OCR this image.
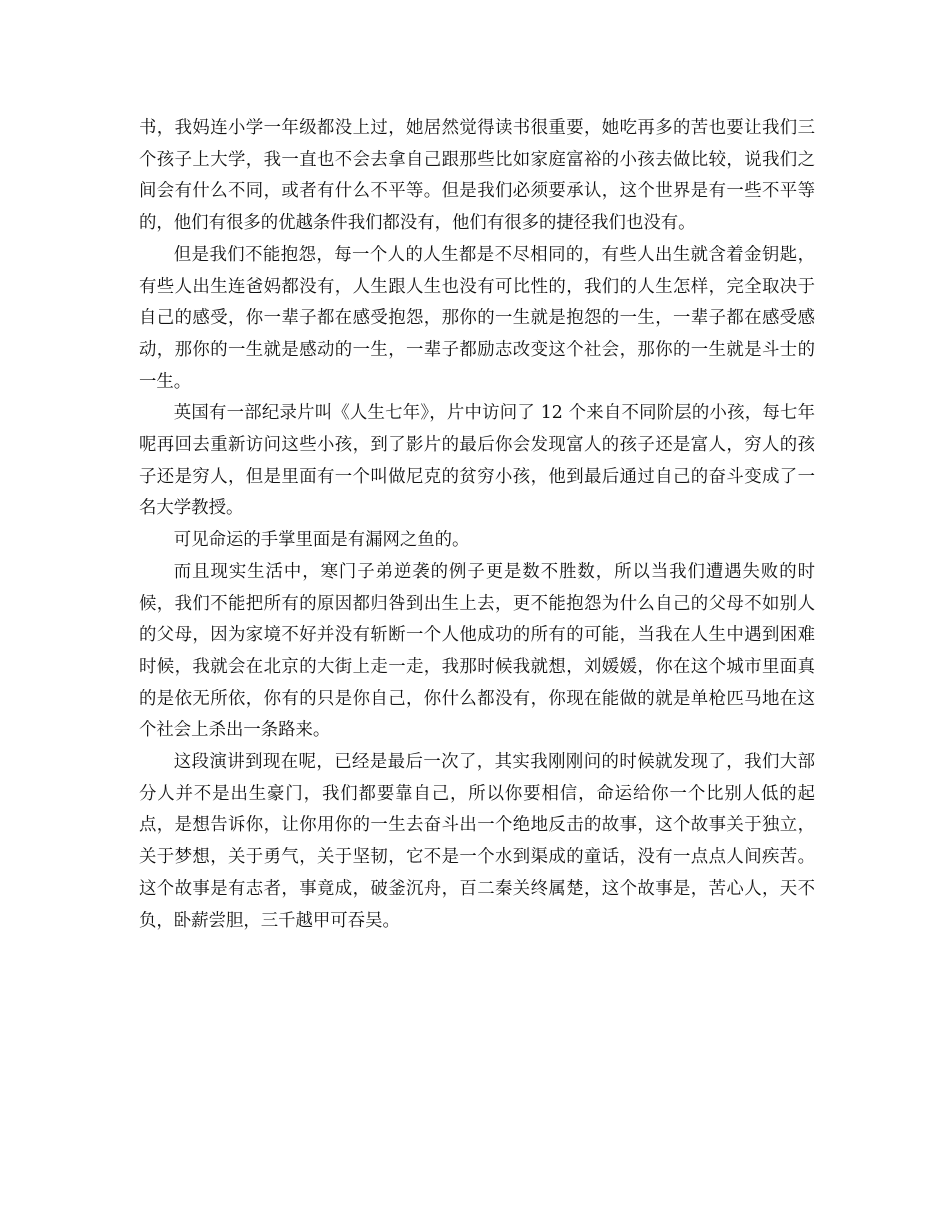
书，我妈连小学一年级都没上过，她居然觉得读书很重要，她吃再多的苦也要让我们三个孩子上大学，我一直也不会去拿自己跟那些比如家庭富裕的小孩去做比较，说我们之间会有什么不同，或者有什么不平等。但是我们必须要承认，这个世界是有一些不平等的，他们有很多的优越条件我们都没有，他们有很多的捷径我们也没有。

但是我们不能抱怨，每一个人的人生都是不尽相同的，有些人出生就含着金钥匙，有些人出生连爸妈都没有，人生跟人生也没有可比性的，我们的人生怎样，完全取决于自己的感受，你一辈子都在感受抱怨，那你的一生就是抱怨的一生，一辈子都在感受感动，那你的一生就是感动的一生，一辈子都励志改变这个社会，那你的一生就是斗士的一生。

英国有一部纪录片叫《人生七年》，片中访问了 12 个来自不同阶层的小孩，每七年呢再回去重新访问这些小孩，到了影片的最后你会发现富人的孩子还是富人，穷人的孩子还是穷人，但是里面有一个叫做尼克的贫穷小孩，他到最后通过自己的奋斗变成了一名大学教授。

可见命运的手掌里面是有漏网之鱼的。

而且现实生活中，寒门子弟逆袭的例子更是数不胜数，所以当我们遭遇失败的时候，我们不能把所有的原因都归咎到出生上去，更不能抱怨为什么自己的父母不如别人的父母，因为家境不好并没有斩断一个人他成功的所有的可能，当我在人生中遇到困难时候，我就会在北京的大街上走一走，我那时候我就想，刘媛媛，你在这个城市里面真的是依无所依，你有的只是你自己，你什么都没有，你现在能做的就是单枪匹马地在这个社会上杀出一条路来。

这段演讲到现在呢，已经是最后一次了，其实我刚刚问的时候就发现了，我们大部分人并不是出生豪门，我们都要靠自己，所以你要相信，命运给你一个比别人低的起点，是想告诉你，让你用你的一生去奋斗出一个绝地反击的故事，这个故事关于独立，关于梦想，关于勇气，关于坚韧，它不是一个水到渠成的童话，没有一点点人间疾苦。这个故事是有志者，事竟成，破釜沉舟，百二秦关终属楚，这个故事是，苦心人，天不负，卧薪尝胆，三千越甲可吞吴。
